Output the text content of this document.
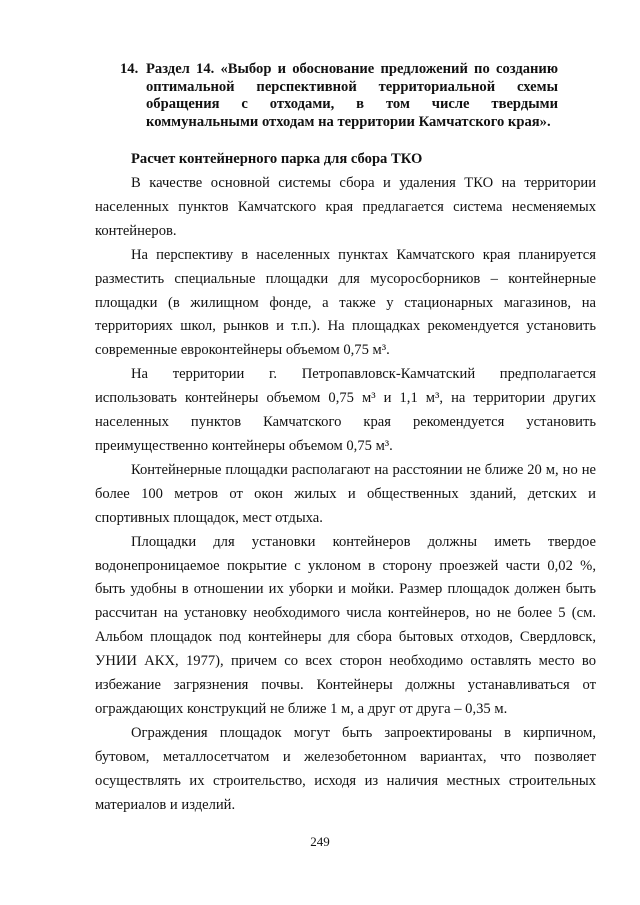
14. Раздел 14. «Выбор и обоснование предложений по созданию оптимальной перспективной территориальной схемы обращения с отходами, в том числе твердыми коммунальными отходам на территории Камчатского края».
Расчет контейнерного парка для сбора ТКО

В качестве основной системы сбора и удаления ТКО на территории населенных пунктов Камчатского края предлагается система несменяемых контейнеров.

На перспективу в населенных пунктах Камчатского края планируется разместить специальные площадки для мусоросборников – контейнерные площадки (в жилищном фонде, а также у стационарных магазинов, на территориях школ, рынков и т.п.). На площадках рекомендуется установить современные евроконтейнеры объемом 0,75 м³.

На территории г. Петропавловск-Камчатский предполагается использовать контейнеры объемом 0,75 м³ и 1,1 м³, на территории других населенных пунктов Камчатского края рекомендуется установить преимущественно контейнеры объемом 0,75 м³.

Контейнерные площадки располагают на расстоянии не ближе 20 м, но не более 100 метров от окон жилых и общественных зданий, детских и спортивных площадок, мест отдыха.

Площадки для установки контейнеров должны иметь твердое водонепроницаемое покрытие с уклоном в сторону проезжей части 0,02 %, быть удобны в отношении их уборки и мойки. Размер площадок должен быть рассчитан на установку необходимого числа контейнеров, но не более 5 (см. Альбом площадок под контейнеры для сбора бытовых отходов, Свердловск, УНИИ АКХ, 1977), причем со всех сторон необходимо оставлять место во избежание загрязнения почвы. Контейнеры должны устанавливаться от ограждающих конструкций не ближе 1 м, а друг от друга – 0,35 м.

Ограждения площадок могут быть запроектированы в кирпичном, бутовом, металлосетчатом и железобетонном вариантах, что позволяет осуществлять их строительство, исходя из наличия местных строительных материалов и изделий.

249
